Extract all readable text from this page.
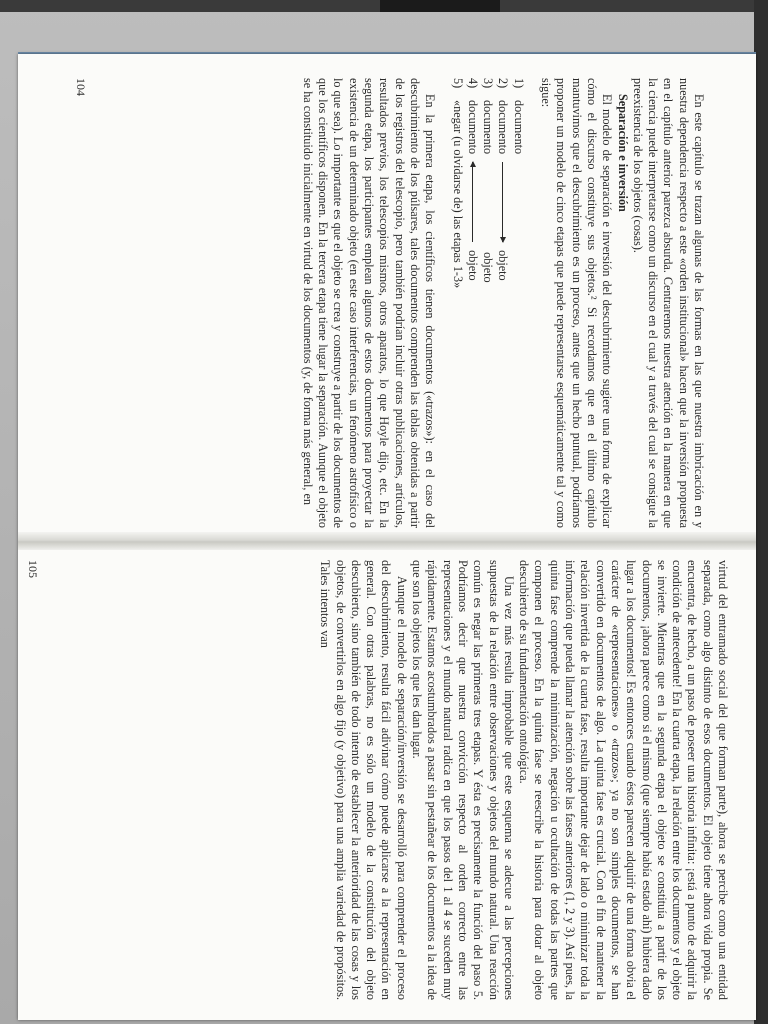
En este capítulo se trazan algunas de las formas en las que nuestra imbricación en y nuestra dependencia respecto a este «orden institucional» hacen que la inversión propuesta en el capítulo anterior parezca absurda. Centraremos nuestra atención en la manera en que la ciencia puede interpretarse como un discurso en el cual y a través del cual se consigue la preexistencia de los objetos (cosas).

Separación e inversión

El modelo de separación e inversión del descubrimiento sugiere una forma de explicar cómo el discurso constituye sus objetos.² Si recordamos que en el último capítulo mantuvimos que el descubrimiento es un proceso, antes que un hecho puntual, podríamos proponer un modelo de cinco etapas que puede representarse esquemáticamente tal y como sigue:

1)
documento
2)
documento
objeto
3)
documento
objeto
4)
documento
objeto
5)
«negar (u olvidarse de) las etapas 1-3»

En la primera etapa, los científicos tienen documentos («trazos»): en el caso del descubrimiento de los púlsares, tales documentos comprenden las tablas obtenidas a partir de los registros del telescopio, pero también podrían incluir otras publicaciones, artículos, resultados previos, los telescopios mismos, otros aparatos, lo que Hoyle dijo, etc. En la segunda etapa, los participantes emplean algunos de estos documentos para proyectar la existencia de un determinado objeto (en este caso interferencias, un fenómeno astrofísico o lo que sea). Lo importante es que el objeto se crea y construye a partir de los documentos de que los científicos disponen. En la tercera etapa tiene lugar la separación. Aunque el objeto se ha constituido inicialmente en virtud de los documentos (y, de forma más general, en

104

virtud del entramado social del que forman parte), ahora se percibe como una entidad separada, como algo distinto de esos documentos. El objeto tiene ahora vida propia. Se encuentra, de hecho, a un paso de poseer una historia infinita: ¡está a punto de adquirir la condición de antecedente! En la cuarta etapa, la relación entre los documentos y el objeto se invierte. Mientras que en la segunda etapa el objeto se constituía a partir de los documentos, ¡ahora parece como si el mismo (que siempre había estado ahí) hubiera dado lugar a los documentos! Es entonces cuando éstos parecen adquirir de una forma obvia el carácter de «representaciones» o «trazos»; ya no son simples documentos, se han convertido en documentos de algo. La quinta fase es crucial. Con el fin de mantener la relación invertida de la cuarta fase, resulta importante dejar de lado o minimizar toda la información que pueda llamar la atención sobre las fases anteriores (1, 2 y 3). Así pues, la quinta fase comprende la minimización, negación u ocultación de todas las partes que componen el proceso. En la quinta fase se reescribe la historia para dotar al objeto descubierto de su fundamentación ontológica.

Una vez más resulta improbable que este esquema se adecue a las percepciones supuestas de la relación entre observaciones y objetos del mundo natural. Una reacción común es negar las primeras tres etapas. Y ésta es precisamente la función del paso 5. Podríamos decir que nuestra convicción respecto al orden correcto entre las representaciones y el mundo natural radica en que los pasos del 1 al 4 se suceden muy rápidamente. Estamos acostumbrados a pasar sin pestañear de los documentos a la idea de que son los objetos los que les dan lugar.

Aunque el modelo de separación/inversión se desarrolló para comprender el proceso del descubrimiento, resulta fácil adivinar cómo puede aplicarse a la representación en general. Con otras palabras, no es sólo un modelo de la constitución del objeto descubierto, sino también de todo intento de establecer la anterioridad de las cosas y los objetos, de convertirlos en algo fijo (y objetivo) para una amplia variedad de propósitos. Tales intentos van

105
